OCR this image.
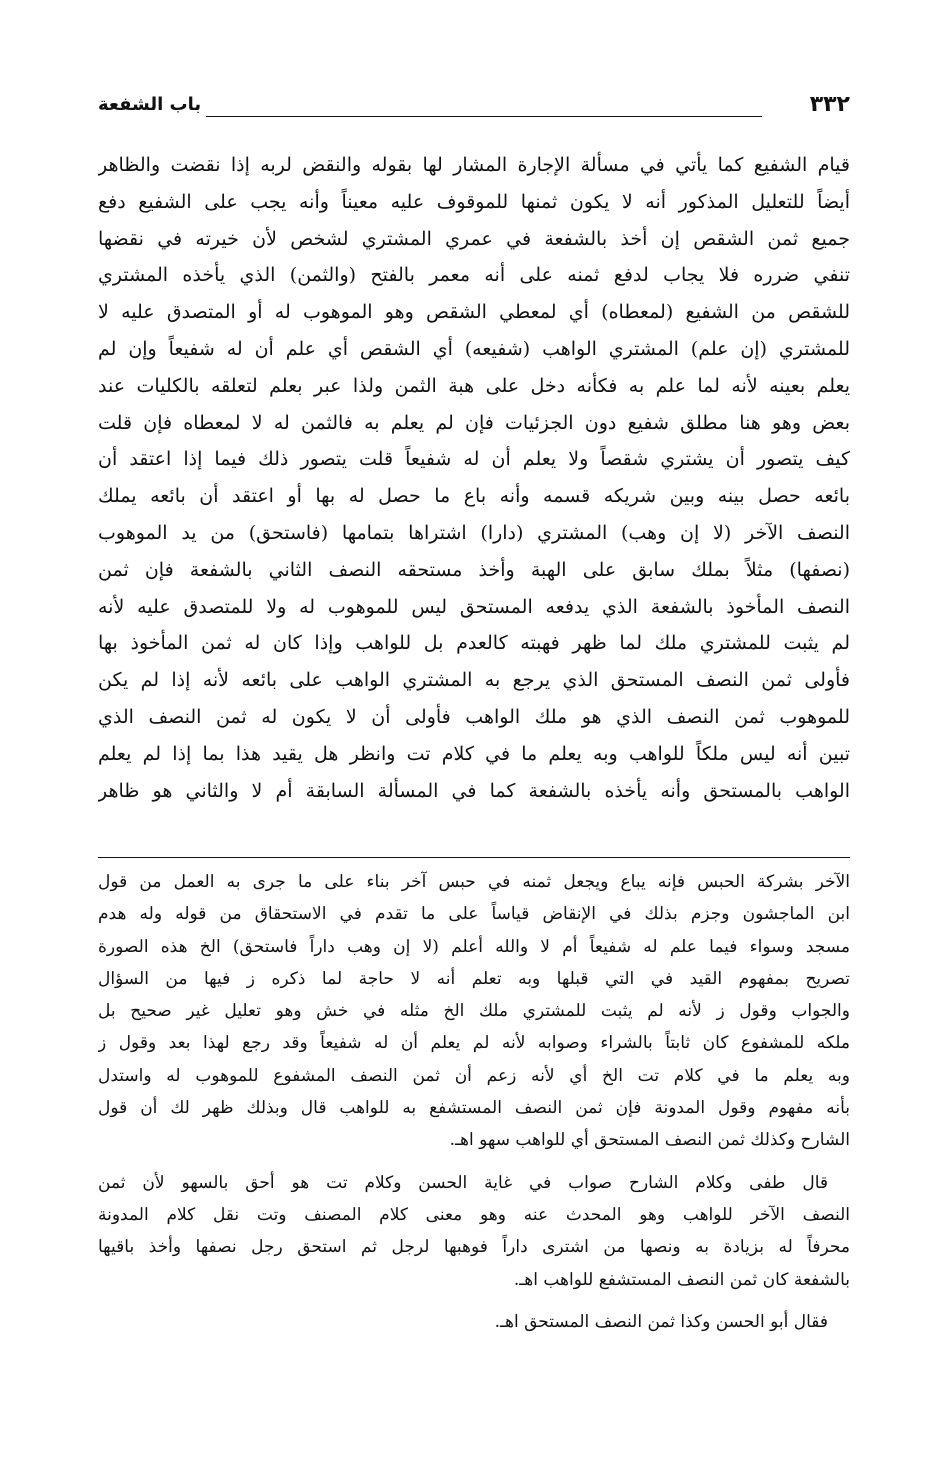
٣٣٢
باب الشفعة
قيام الشفيع كما يأتي في مسألة الإجارة المشار لها بقوله والنقض لربه إذا نقضت والظاهر
أيضاً للتعليل المذكور أنه لا يكون ثمنها للموقوف عليه معيناً وأنه يجب على الشفيع دفع
جميع ثمن الشقص إن أخذ بالشفعة في عمري المشتري لشخص لأن خيرته في نقضها
تنفي ضرره فلا يجاب لدفع ثمنه على أنه معمر بالفتح (والثمن) الذي يأخذه المشتري
للشقص من الشفيع (لمعطاه) أي لمعطي الشقص وهو الموهوب له أو المتصدق عليه لا
للمشتري (إن علم) المشتري الواهب (شفيعه) أي الشقص أي علم أن له شفيعاً وإن لم
يعلم بعينه لأنه لما علم به فكأنه دخل على هبة الثمن ولذا عبر بعلم لتعلقه بالكليات عند
بعض وهو هنا مطلق شفيع دون الجزئيات فإن لم يعلم به فالثمن له لا لمعطاه فإن قلت
كيف يتصور أن يشتري شقصاً ولا يعلم أن له شفيعاً قلت يتصور ذلك فيما إذا اعتقد أن
بائعه حصل بينه وبين شريكه قسمه وأنه باع ما حصل له بها أو اعتقد أن بائعه يملك
النصف الآخر (لا إن وهب) المشتري (دارا) اشتراها بتمامها (فاستحق) من يد الموهوب
(نصفها) مثلاً بملك سابق على الهبة وأخذ مستحقه النصف الثاني بالشفعة فإن ثمن
النصف المأخوذ بالشفعة الذي يدفعه المستحق ليس للموهوب له ولا للمتصدق عليه لأنه
لم يثبت للمشتري ملك لما ظهر فهبته كالعدم بل للواهب وإذا كان له ثمن المأخوذ بها
فأولى ثمن النصف المستحق الذي يرجع به المشتري الواهب على بائعه لأنه إذا لم يكن
للموهوب ثمن النصف الذي هو ملك الواهب فأولى أن لا يكون له ثمن النصف الذي
تبين أنه ليس ملكاً للواهب وبه يعلم ما في كلام تت وانظر هل يقيد هذا بما إذا لم يعلم
الواهب بالمستحق وأنه يأخذه بالشفعة كما في المسألة السابقة أم لا والثاني هو ظاهر
الآخر بشركة الحبس فإنه يباع ويجعل ثمنه في حبس آخر بناء على ما جرى به العمل من قول
ابن الماجشون وجزم بذلك في الإنقاض قياساً على ما تقدم في الاستحقاق من قوله وله هدم
مسجد وسواء فيما علم له شفيعاً أم لا والله أعلم (لا إن وهب داراً فاستحق) الخ هذه الصورة
تصريح بمفهوم القيد في التي قبلها وبه تعلم أنه لا حاجة لما ذكره ز فيها من السؤال
والجواب وقول ز لأنه لم يثبت للمشتري ملك الخ مثله في خش وهو تعليل غير صحيح بل
ملكه للمشفوع كان ثابتاً بالشراء وصوابه لأنه لم يعلم أن له شفيعاً وقد رجع لهذا بعد وقول ز
وبه يعلم ما في كلام تت الخ أي لأنه زعم أن ثمن النصف المشفوع للموهوب له واستدل
بأنه مفهوم وقول المدونة فإن ثمن النصف المستشفع به للواهب قال وبذلك ظهر لك أن قول
الشارح وكذلك ثمن النصف المستحق أي للواهب سهو اهـ.
قال طفى وكلام الشارح صواب في غاية الحسن وكلام تت هو أحق بالسهو لأن ثمن
النصف الآخر للواهب وهو المحدث عنه وهو معنى كلام المصنف وتت نقل كلام المدونة
محرفاً له بزيادة به ونصها من اشترى داراً فوهبها لرجل ثم استحق رجل نصفها وأخذ باقيها
بالشفعة كان ثمن النصف المستشفع للواهب اهـ.
فقال أبو الحسن وكذا ثمن النصف المستحق اهـ.
